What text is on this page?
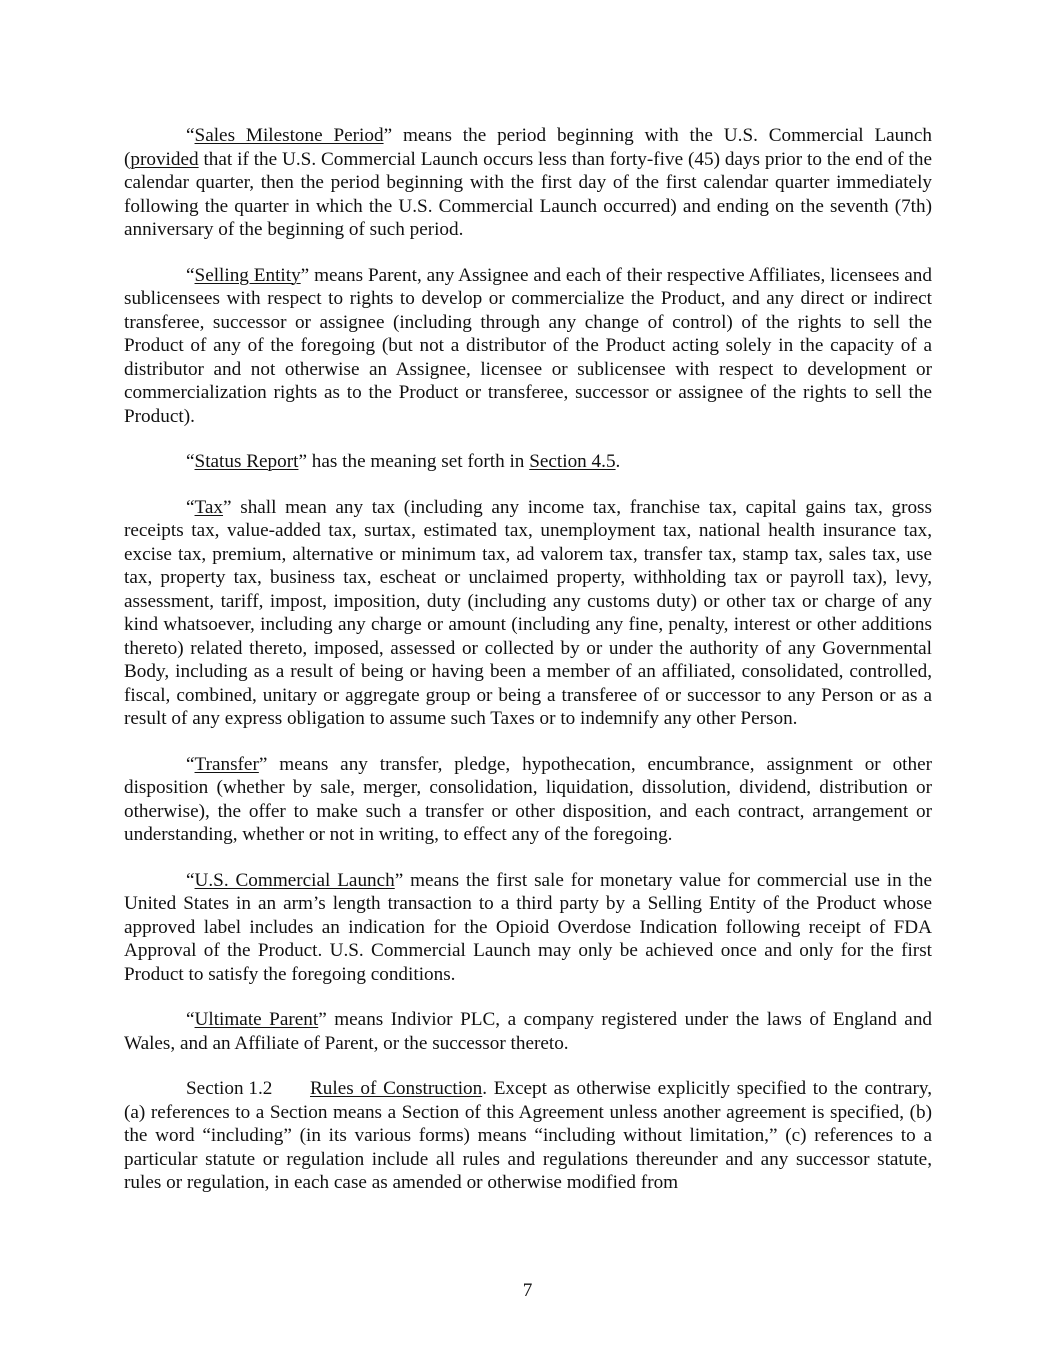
“Sales Milestone Period” means the period beginning with the U.S. Commercial Launch (provided that if the U.S. Commercial Launch occurs less than forty-five (45) days prior to the end of the calendar quarter, then the period beginning with the first day of the first calendar quarter immediately following the quarter in which the U.S. Commercial Launch occurred) and ending on the seventh (7th) anniversary of the beginning of such period.

“Selling Entity” means Parent, any Assignee and each of their respective Affiliates, licensees and sublicensees with respect to rights to develop or commercialize the Product, and any direct or indirect transferee, successor or assignee (including through any change of control) of the rights to sell the Product of any of the foregoing (but not a distributor of the Product acting solely in the capacity of a distributor and not otherwise an Assignee, licensee or sublicensee with respect to development or commercialization rights as to the Product or transferee, successor or assignee of the rights to sell the Product).

“Status Report” has the meaning set forth in Section 4.5.

“Tax” shall mean any tax (including any income tax, franchise tax, capital gains tax, gross receipts tax, value-added tax, surtax, estimated tax, unemployment tax, national health insurance tax, excise tax, premium, alternative or minimum tax, ad valorem tax, transfer tax, stamp tax, sales tax, use tax, property tax, business tax, escheat or unclaimed property, withholding tax or payroll tax), levy, assessment, tariff, impost, imposition, duty (including any customs duty) or other tax or charge of any kind whatsoever, including any charge or amount (including any fine, penalty, interest or other additions thereto) related thereto, imposed, assessed or collected by or under the authority of any Governmental Body, including as a result of being or having been a member of an affiliated, consolidated, controlled, fiscal, combined, unitary or aggregate group or being a transferee of or successor to any Person or as a result of any express obligation to assume such Taxes or to indemnify any other Person.

“Transfer” means any transfer, pledge, hypothecation, encumbrance, assignment or other disposition (whether by sale, merger, consolidation, liquidation, dissolution, dividend, distribution or otherwise), the offer to make such a transfer or other disposition, and each contract, arrangement or understanding, whether or not in writing, to effect any of the foregoing.

“U.S. Commercial Launch” means the first sale for monetary value for commercial use in the United States in an arm’s length transaction to a third party by a Selling Entity of the Product whose approved label includes an indication for the Opioid Overdose Indication following receipt of FDA Approval of the Product. U.S. Commercial Launch may only be achieved once and only for the first Product to satisfy the foregoing conditions.

“Ultimate Parent” means Indivior PLC, a company registered under the laws of England and Wales, and an Affiliate of Parent, or the successor thereto.

Section 1.2 Rules of Construction. Except as otherwise explicitly specified to the contrary, (a) references to a Section means a Section of this Agreement unless another agreement is specified, (b) the word “including” (in its various forms) means “including without limitation,” (c) references to a particular statute or regulation include all rules and regulations thereunder and any successor statute, rules or regulation, in each case as amended or otherwise modified from

7
